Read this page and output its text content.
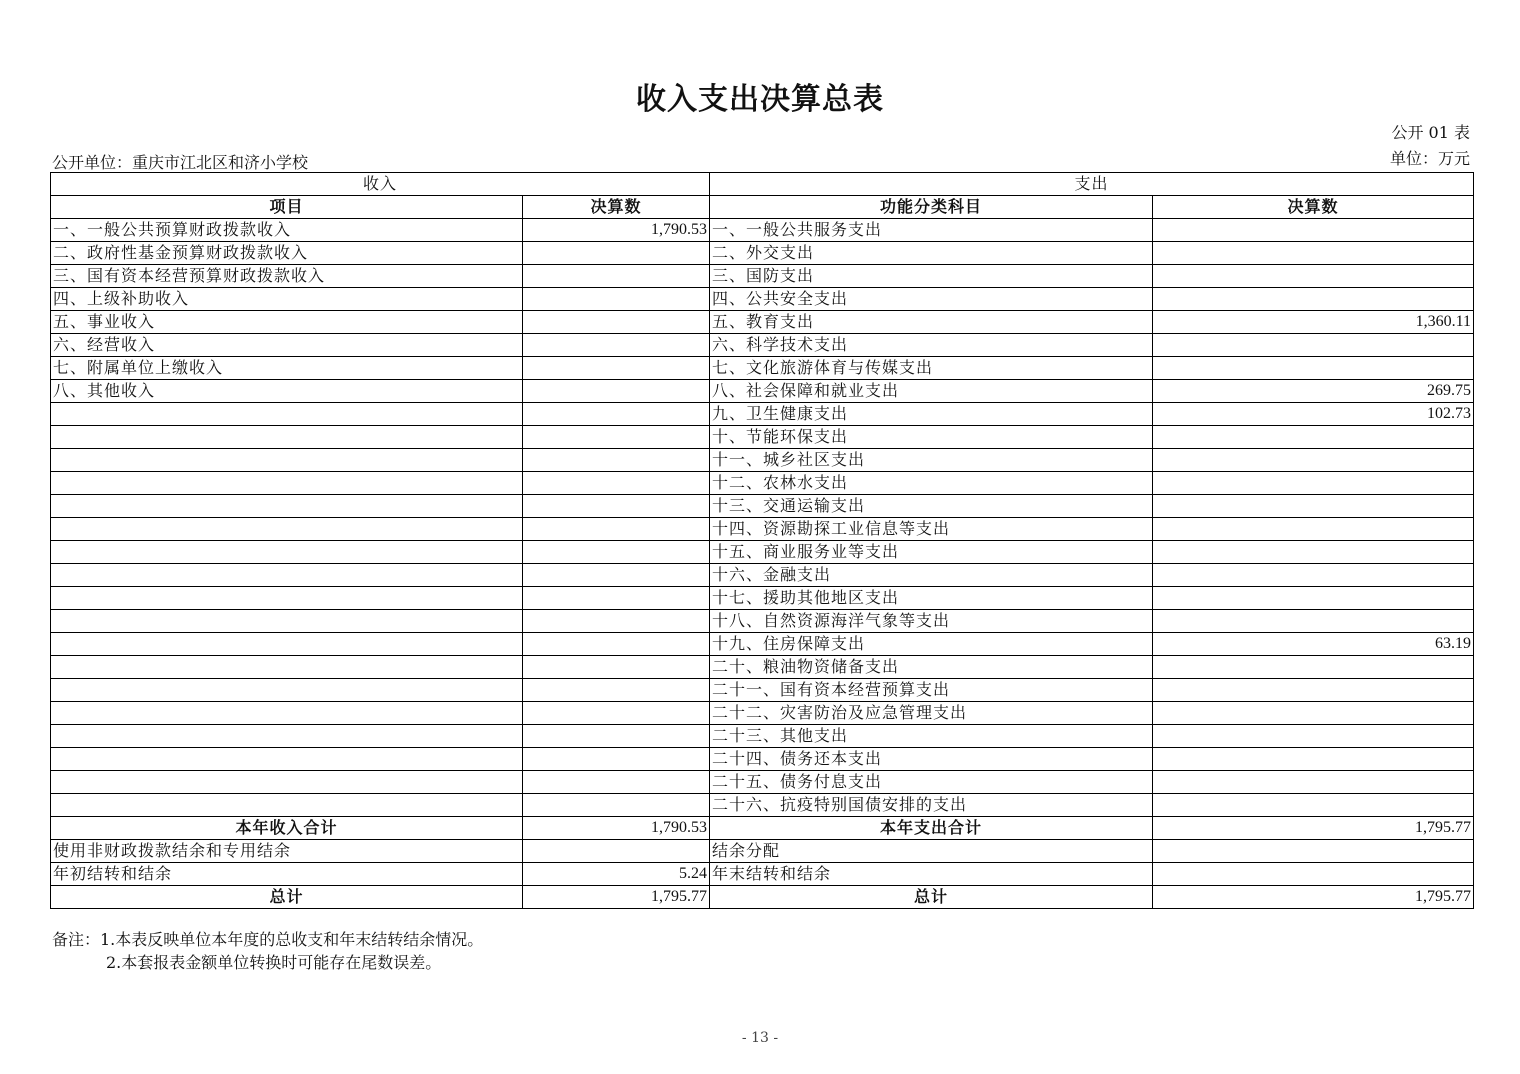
收入支出决算总表
公开 01 表
公开单位：重庆市江北区和济小学校	单位：万元
收入		支出	
项目	决算数	功能分类科目	决算数
一、一般公共预算财政拨款收入	1,790.53	一、一般公共服务支出	
二、政府性基金预算财政拨款收入		二、外交支出	
三、国有资本经营预算财政拨款收入		三、国防支出	
四、上级补助收入		四、公共安全支出	
五、事业收入		五、教育支出	1,360.11
六、经营收入		六、科学技术支出	
七、附属单位上缴收入		七、文化旅游体育与传媒支出	
八、其他收入		八、社会保障和就业支出	269.75
		九、卫生健康支出	102.73
		十、节能环保支出	
		十一、城乡社区支出	
		十二、农林水支出	
		十三、交通运输支出	
		十四、资源勘探工业信息等支出	
		十五、商业服务业等支出	
		十六、金融支出	
		十七、援助其他地区支出	
		十八、自然资源海洋气象等支出	
		十九、住房保障支出	63.19
		二十、粮油物资储备支出	
		二十一、国有资本经营预算支出	
		二十二、灾害防治及应急管理支出	
		二十三、其他支出	
		二十四、债务还本支出	
		二十五、债务付息支出	
		二十六、抗疫特别国债安排的支出	
本年收入合计	1,790.53	本年支出合计	1,795.77
使用非财政拨款结余和专用结余		结余分配	
年初结转和结余	5.24	年末结转和结余	
总计	1,795.77	总计	1,795.77
备注：1.本表反映单位本年度的总收支和年末结转结余情况。
2.本套报表金额单位转换时可能存在尾数误差。
- 13 -
